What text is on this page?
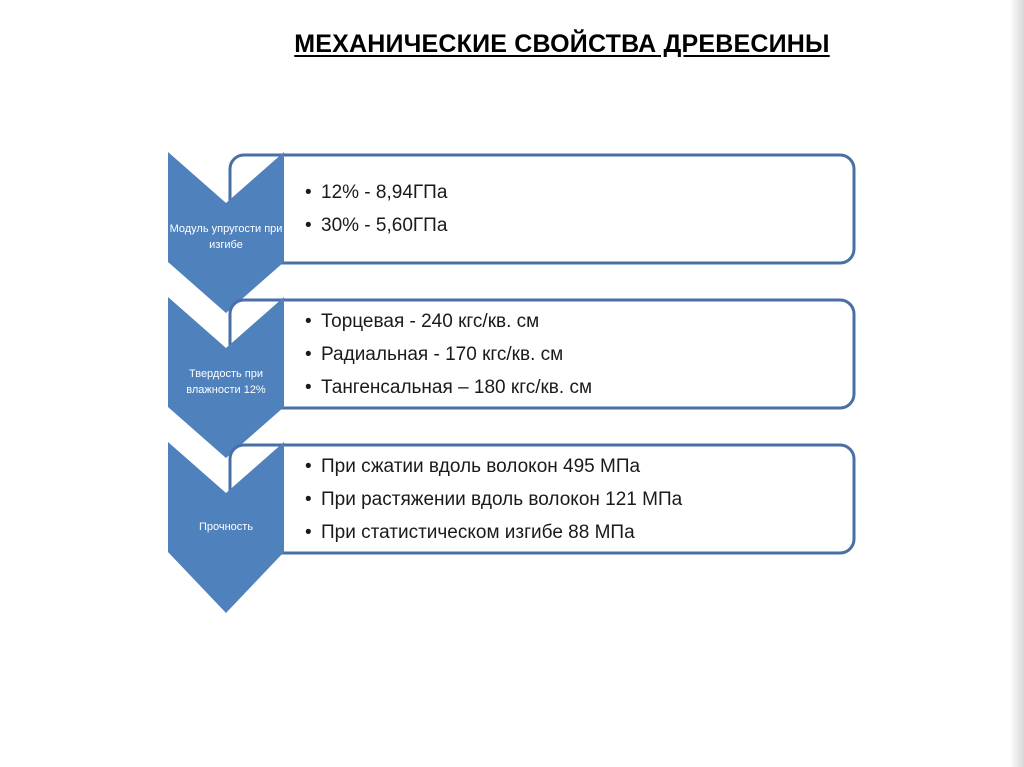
МЕХАНИЧЕСКИЕ СВОЙСТВА ДРЕВЕСИНЫ
Модуль упругости при изгибе
Твердость при влажности 12%
Прочность
• 12% - 8,94ГПа
• 30% - 5,60ГПа
• Торцевая - 240 кгс/кв. см
• Радиальная - 170 кгс/кв. см
• Тангенсальная – 180 кгс/кв. см
• При сжатии вдоль волокон 495 МПа
• При растяжении вдоль волокон 121 МПа
• При статистическом изгибе 88 МПа
